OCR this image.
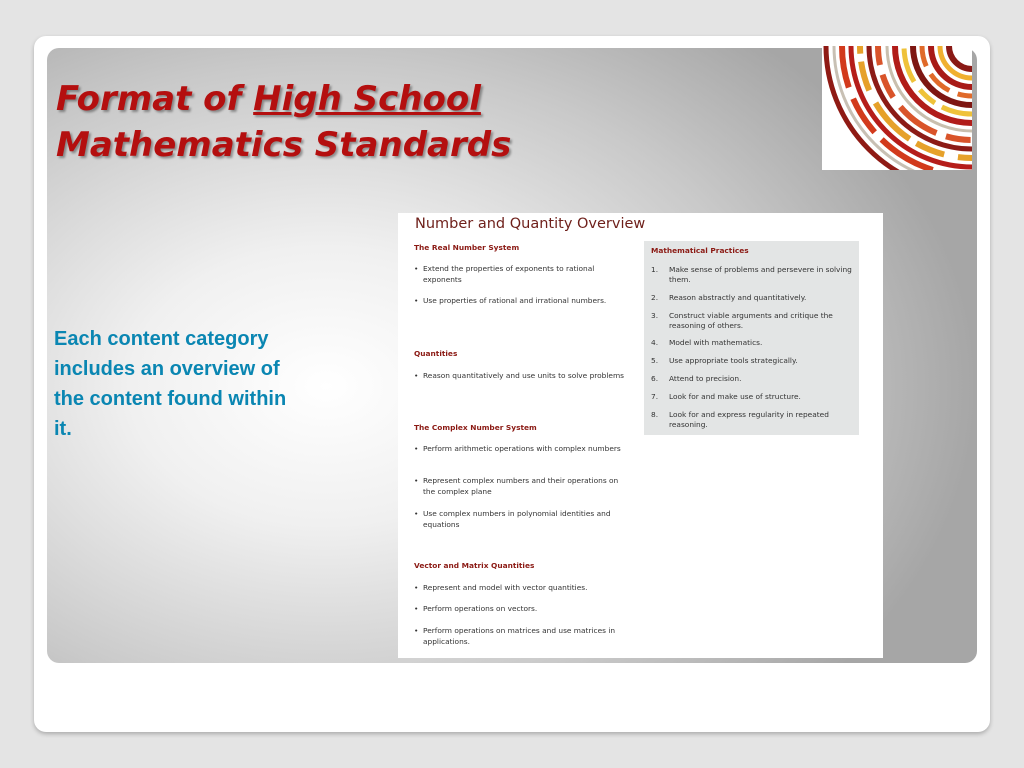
Format of High School
Mathematics Standards

Each content category includes an overview of the content found within it.

Number and Quantity Overview

The Real Number System

• Extend the properties of exponents to rational exponents
• Use properties of rational and irrational numbers.

Quantities

• Reason quantitatively and use units to solve problems

The Complex Number System

• Perform arithmetic operations with complex numbers
• Represent complex numbers and their operations on the complex plane
• Use complex numbers in polynomial identities and equations

Vector and Matrix Quantities

• Represent and model with vector quantities.
• Perform operations on vectors.
• Perform operations on matrices and use matrices in applications.

Mathematical Practices

1. Make sense of problems and persevere in solving them.
2. Reason abstractly and quantitatively.
3. Construct viable arguments and critique the reasoning of others.
4. Model with mathematics.
5. Use appropriate tools strategically.
6. Attend to precision.
7. Look for and make use of structure.
8. Look for and express regularity in repeated reasoning.
